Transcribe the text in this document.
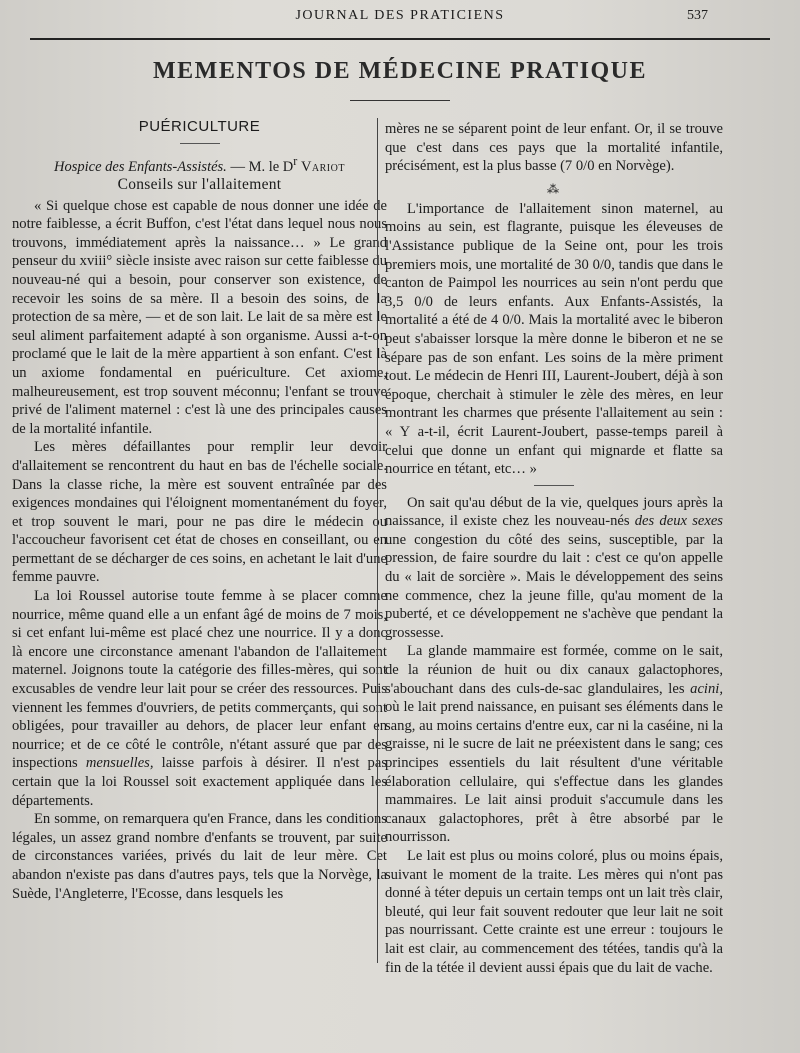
JOURNAL DES PRATICIENS	537
MEMENTOS DE MÉDECINE PRATIQUE
PUÉRICULTURE

Hospice des Enfants-Assistés. — M. le $D^r$ Variot

Conseils sur l'allaitement

« Si quelque chose est capable de nous donner une idée de notre faiblesse, a écrit Buffon, c'est l'état dans lequel nous nous trouvons, immédiatement après la naissance… » Le grand penseur du xviii° siècle insiste avec raison sur cette faiblesse du nouveau-né qui a besoin, pour conserver son existence, de recevoir les soins de sa mère. Il a besoin des soins, de la protection de sa mère, — et de son lait. Le lait de sa mère est le seul aliment parfaitement adapté à son organisme. Aussi a-t-on proclamé que le lait de la mère appartient à son enfant. C'est là un axiome fondamental en puériculture. Cet axiome, malheureusement, est trop souvent méconnu; l'enfant se trouve privé de l'aliment maternel : c'est là une des principales causes de la mortalité infantile.

Les mères défaillantes pour remplir leur devoir d'allaitement se rencontrent du haut en bas de l'échelle sociale. Dans la classe riche, la mère est souvent entraînée par des exigences mondaines qui l'éloignent momentanément du foyer, et trop souvent le mari, pour ne pas dire le médecin ou l'accoucheur favorisent cet état de choses en conseillant, ou en permettant de se décharger de ces soins, en achetant le lait d'une femme pauvre.

La loi Roussel autorise toute femme à se placer comme nourrice, même quand elle a un enfant âgé de moins de 7 mois, si cet enfant lui-même est placé chez une nourrice. Il y a donc là encore une circonstance amenant l'abandon de l'allaitement maternel. Joignons toute la catégorie des filles-mères, qui sont excusables de vendre leur lait pour se créer des ressources. Puis viennent les femmes d'ouvriers, de petits commerçants, qui sont obligées, pour travailler au dehors, de placer leur enfant en nourrice; et de ce côté le contrôle, n'étant assuré que par des inspections mensuelles, laisse parfois à désirer. Il n'est pas certain que la loi Roussel soit exactement appliquée dans les départements.

En somme, on remarquera qu'en France, dans les conditions légales, un assez grand nombre d'enfants se trouvent, par suite de circonstances variées, privés du lait de leur mère. Cet abandon n'existe pas dans d'autres pays, tels que la Norvège, la Suède, l'Angleterre, l'Ecosse, dans lesquels les

mères ne se séparent point de leur enfant. Or, il se trouve que c'est dans ces pays que la mortalité infantile, précisément, est la plus basse (7 0/0 en Norvège).

⁂

L'importance de l'allaitement sinon maternel, au moins au sein, est flagrante, puisque les éleveuses de l'Assistance publique de la Seine ont, pour les trois premiers mois, une mortalité de 30 0/0, tandis que dans le canton de Paimpol les nourrices au sein n'ont perdu que 3,5 0/0 de leurs enfants. Aux Enfants-Assistés, la mortalité a été de 4 0/0. Mais la mortalité avec le biberon peut s'abaisser lorsque la mère donne le biberon et ne se sépare pas de son enfant. Les soins de la mère priment tout. Le médecin de Henri III, Laurent-Joubert, déjà à son époque, cherchait à stimuler le zèle des mères, en leur montrant les charmes que présente l'allaitement au sein : « Y a-t-il, écrit Laurent-Joubert, passe-temps pareil à celui que donne un enfant qui mignarde et flatte sa nourrice en tétant, etc… »

On sait qu'au début de la vie, quelques jours après la naissance, il existe chez les nouveau-nés des deux sexes une congestion du côté des seins, susceptible, par la pression, de faire sourdre du lait : c'est ce qu'on appelle du « lait de sorcière ». Mais le développement des seins ne commence, chez la jeune fille, qu'au moment de la puberté, et ce développement ne s'achève que pendant la grossesse.

La glande mammaire est formée, comme on le sait, de la réunion de huit ou dix canaux galactophores, s'abouchant dans des culs-de-sac glandulaires, les acini, où le lait prend naissance, en puisant ses éléments dans le sang, au moins certains d'entre eux, car ni la caséine, ni la graisse, ni le sucre de lait ne préexistent dans le sang; ces principes essentiels du lait résultent d'une véritable élaboration cellulaire, qui s'effectue dans les glandes mammaires. Le lait ainsi produit s'accumule dans les canaux galactophores, prêt à être absorbé par le nourrisson.

Le lait est plus ou moins coloré, plus ou moins épais, suivant le moment de la traite. Les mères qui n'ont pas donné à téter depuis un certain temps ont un lait très clair, bleuté, qui leur fait souvent redouter que leur lait ne soit pas nourrissant. Cette crainte est une erreur : toujours le lait est clair, au commencement des tétées, tandis qu'à la fin de la tétée il devient aussi épais que du lait de vache.
